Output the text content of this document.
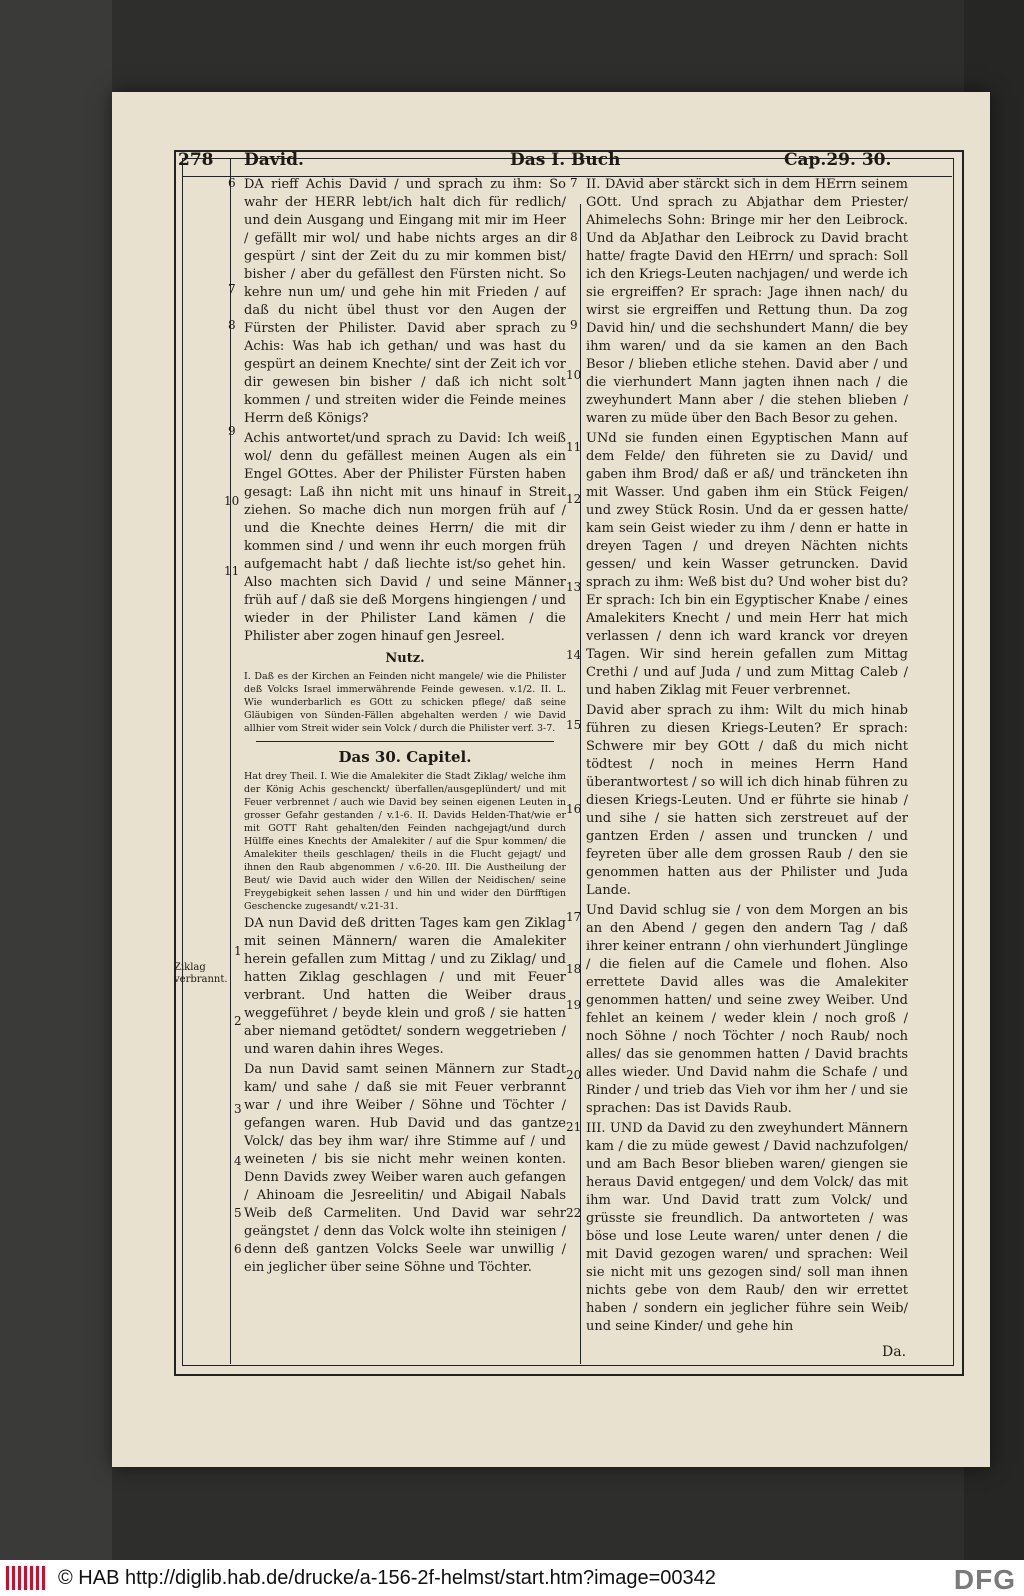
278 David.	Das I. Buch	Cap.29. 30.
Ziklag verbrannt.
6
7
8
9
10
11
1
2
3
4
5
6

DA rieff Achis David / und sprach zu ihm: So wahr der HERR lebt/ich halt dich für redlich/ und dein Ausgang und Eingang mit mir im Heer / gefällt mir wol/ und habe nichts arges an dir gespürt / sint der Zeit du zu mir kommen bist/ bisher / aber du gefällest den Fürsten nicht. So kehre nun um/ und gehe hin mit Frieden / auf daß du nicht übel thust vor den Augen der Fürsten der Philister. David aber sprach zu Achis: Was hab ich gethan/ und was hast du gespürt an deinem Knechte/ sint der Zeit ich vor dir gewesen bin bisher / daß ich nicht solt kommen / und streiten wider die Feinde meines Herrn deß Königs?

Achis antwortet/und sprach zu David: Ich weiß wol/ denn du gefällest meinen Augen als ein Engel GOttes. Aber der Philister Fürsten haben gesagt: Laß ihn nicht mit uns hinauf in Streit ziehen. So mache dich nun morgen früh auf / und die Knechte deines Herrn/ die mit dir kommen sind / und wenn ihr euch morgen früh aufgemacht habt / daß liechte ist/so gehet hin. Also machten sich David / und seine Männer früh auf / daß sie deß Morgens hingiengen / und wieder in der Philister Land kämen / die Philister aber zogen hinauf gen Jesreel.

Nutz.

I. Daß es der Kirchen an Feinden nicht mangele/ wie die Philister deß Volcks Israel immerwährende Feinde gewesen. v.1/2. II. L. Wie wunderbarlich es GOtt zu schicken pflege/ daß seine Gläubigen von Sünden-Fällen abgehalten werden / wie David allhier vom Streit wider sein Volck / durch die Philister verf. 3-7.

Das 30. Capitel.

Hat drey Theil. I. Wie die Amalekiter die Stadt Ziklag/ welche ihm der König Achis geschenckt/ überfallen/ausgeplündert/ und mit Feuer verbrennet / auch wie David bey seinen eigenen Leuten in grosser Gefahr gestanden / v.1-6. II. Davids Helden-That/wie er mit GOTT Raht gehalten/den Feinden nachgejagt/und durch Hülffe eines Knechts der Amalekiter / auf die Spur kommen/ die Amalekiter theils geschlagen/ theils in die Flucht gejagt/ und ihnen den Raub abgenommen / v.6-20. III. Die Austheilung der Beut/ wie David auch wider den Willen der Neidischen/ seine Freygebigkeit sehen lassen / und hin und wider den Dürfftigen Geschencke zugesandt/ v.21-31.

DA nun David deß dritten Tages kam gen Ziklag mit seinen Männern/ waren die Amalekiter herein gefallen zum Mittag / und zu Ziklag/ und hatten Ziklag geschlagen / und mit Feuer verbrant. Und hatten die Weiber draus weggeführet / beyde klein und groß / sie hatten aber niemand getödtet/ sondern weggetrieben / und waren dahin ihres Weges.

Da nun David samt seinen Männern zur Stadt kam/ und sahe / daß sie mit Feuer verbrannt war / und ihre Weiber / Söhne und Töchter / gefangen waren. Hub David und das gantze Volck/ das bey ihm war/ ihre Stimme auf / und weineten / bis sie nicht mehr weinen konten. Denn Davids zwey Weiber waren auch gefangen / Ahinoam die Jesreelitin/ und Abigail Nabals Weib deß Carmeliten. Und David war sehr geängstet / denn das Volck wolte ihn steinigen / denn deß gantzen Volcks Seele war unwillig / ein jeglicher über seine Söhne und Töchter.

7
8
9
10
11
12
13
14
15
16
17
18
19
20
21
22

II. DAvid aber stärckt sich in dem HErrn seinem GOtt. Und sprach zu Abjathar dem Priester/ Ahimelechs Sohn: Bringe mir her den Leibrock. Und da AbJathar den Leibrock zu David bracht hatte/ fragte David den HErrn/ und sprach: Soll ich den Kriegs-Leuten nachjagen/ und werde ich sie ergreiffen? Er sprach: Jage ihnen nach/ du wirst sie ergreiffen und Rettung thun. Da zog David hin/ und die sechshundert Mann/ die bey ihm waren/ und da sie kamen an den Bach Besor / blieben etliche stehen. David aber / und die vierhundert Mann jagten ihnen nach / die zweyhundert Mann aber / die stehen blieben / waren zu müde über den Bach Besor zu gehen.

UNd sie funden einen Egyptischen Mann auf dem Felde/ den führeten sie zu David/ und gaben ihm Brod/ daß er aß/ und träncketen ihn mit Wasser. Und gaben ihm ein Stück Feigen/ und zwey Stück Rosin. Und da er gessen hatte/ kam sein Geist wieder zu ihm / denn er hatte in dreyen Tagen / und dreyen Nächten nichts gessen/ und kein Wasser getruncken. David sprach zu ihm: Weß bist du? Und woher bist du? Er sprach: Ich bin ein Egyptischer Knabe / eines Amalekiters Knecht / und mein Herr hat mich verlassen / denn ich ward kranck vor dreyen Tagen. Wir sind herein gefallen zum Mittag Crethi / und auf Juda / und zum Mittag Caleb / und haben Ziklag mit Feuer verbrennet.

David aber sprach zu ihm: Wilt du mich hinab führen zu diesen Kriegs-Leuten? Er sprach: Schwere mir bey GOtt / daß du mich nicht tödtest / noch in meines Herrn Hand überantwortest / so will ich dich hinab führen zu diesen Kriegs-Leuten. Und er führte sie hinab / und sihe / sie hatten sich zerstreuet auf der gantzen Erden / assen und truncken / und feyreten über alle dem grossen Raub / den sie genommen hatten aus der Philister und Juda Lande.

Und David schlug sie / von dem Morgen an bis an den Abend / gegen den andern Tag / daß ihrer keiner entrann / ohn vierhundert Jünglinge / die fielen auf die Camele und flohen. Also errettete David alles was die Amalekiter genommen hatten/ und seine zwey Weiber. Und fehlet an keinem / weder klein / noch groß / noch Söhne / noch Töchter / noch Raub/ noch alles/ das sie genommen hatten / David brachts alles wieder. Und David nahm die Schafe / und Rinder / und trieb das Vieh vor ihm her / und sie sprachen: Das ist Davids Raub.

III. UND da David zu den zweyhundert Männern kam / die zu müde gewest / David nachzufolgen/ und am Bach Besor blieben waren/ giengen sie heraus David entgegen/ und dem Volck/ das mit ihm war. Und David tratt zum Volck/ und grüsste sie freundlich. Da antworteten / was böse und lose Leute waren/ unter denen / die mit David gezogen waren/ und sprachen: Weil sie nicht mit uns gezogen sind/ soll man ihnen nichts gebe von dem Raub/ den wir errettet haben / sondern ein jeglicher führe sein Weib/ und seine Kinder/ und gehe hin

Da.
© HAB http://diglib.hab.de/drucke/a-156-2f-helmst/start.htm?image=00342	DFG
